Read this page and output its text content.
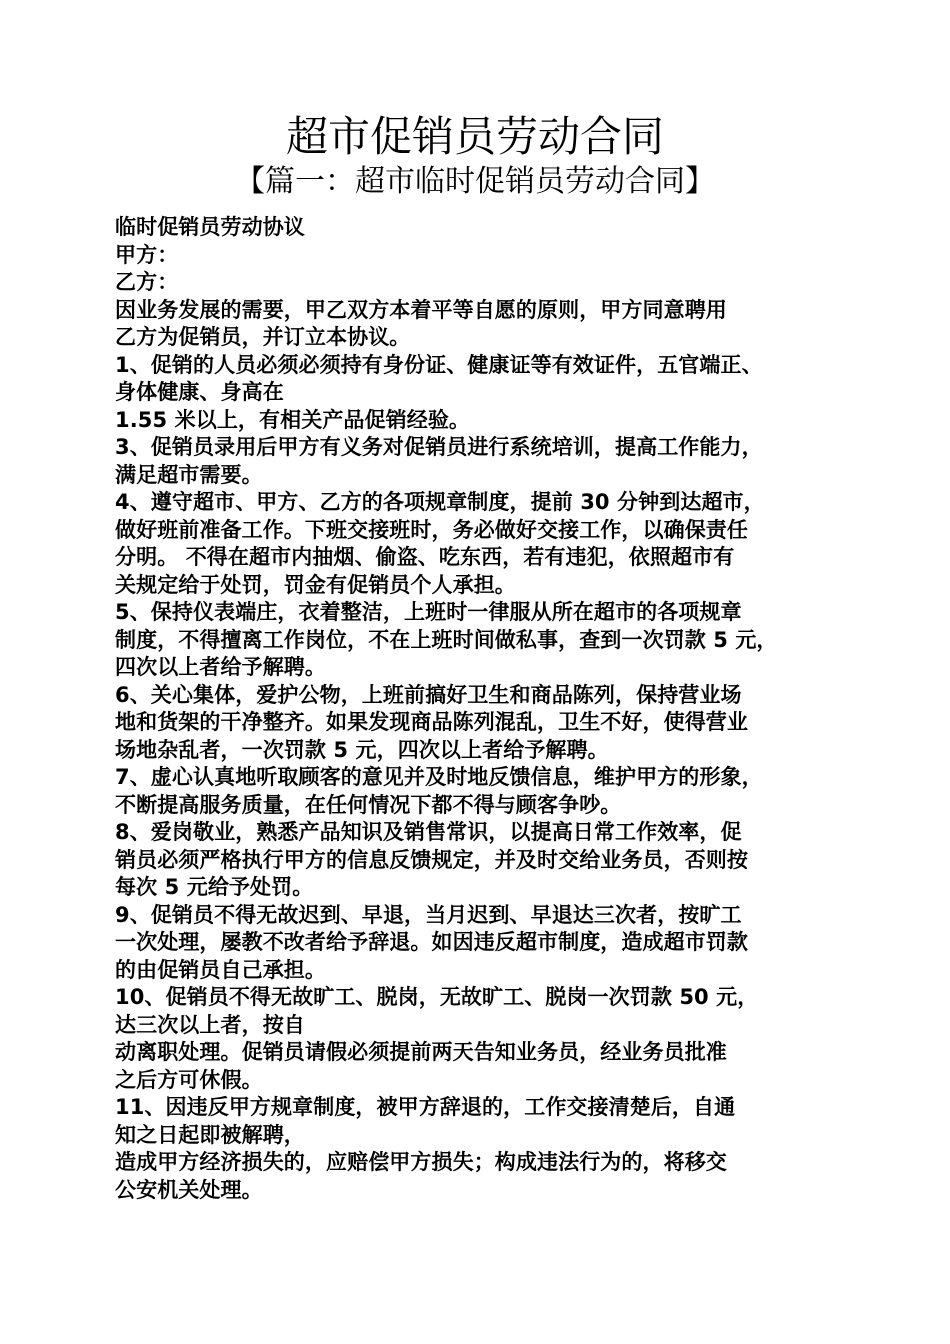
超市促销员劳动合同
【篇一：超市临时促销员劳动合同】
临时促销员劳动协议
甲方：
乙方：
因业务发展的需要，甲乙双方本着平等自愿的原则，甲方同意聘用
乙方为促销员，并订立本协议。
1、促销的人员必须必须持有身份证、健康证等有效证件，五官端正、
身体健康、身高在
1.55 米以上，有相关产品促销经验。
3、促销员录用后甲方有义务对促销员进行系统培训，提高工作能力，
满足超市需要。
4、遵守超市、甲方、乙方的各项规章制度，提前 30 分钟到达超市，
做好班前准备工作。下班交接班时，务必做好交接工作，以确保责任
分明。 不得在超市内抽烟、偷盗、吃东西，若有违犯，依照超市有
关规定给于处罚，罚金有促销员个人承担。
5、保持仪表端庄，衣着整洁，上班时一律服从所在超市的各项规章
制度，不得擅离工作岗位，不在上班时间做私事，查到一次罚款 5 元，
四次以上者给予解聘。
6、关心集体，爱护公物，上班前搞好卫生和商品陈列，保持营业场
地和货架的干净整齐。如果发现商品陈列混乱，卫生不好，使得营业
场地杂乱者，一次罚款 5 元，四次以上者给予解聘。
7、虚心认真地听取顾客的意见并及时地反馈信息，维护甲方的形象，
不断提高服务质量，在任何情况下都不得与顾客争吵。
8、爱岗敬业，熟悉产品知识及销售常识，以提高日常工作效率，促
销员必须严格执行甲方的信息反馈规定，并及时交给业务员，否则按
每次 5 元给予处罚。
9、促销员不得无故迟到、早退，当月迟到、早退达三次者，按旷工
一次处理，屡教不改者给予辞退。如因违反超市制度，造成超市罚款
的由促销员自己承担。
10、促销员不得无故旷工、脱岗，无故旷工、脱岗一次罚款 50 元，
达三次以上者，按自
动离职处理。促销员请假必须提前两天告知业务员，经业务员批准
之后方可休假。
11、因违反甲方规章制度，被甲方辞退的，工作交接清楚后，自通
知之日起即被解聘，
造成甲方经济损失的，应赔偿甲方损失；构成违法行为的，将移交
公安机关处理。
